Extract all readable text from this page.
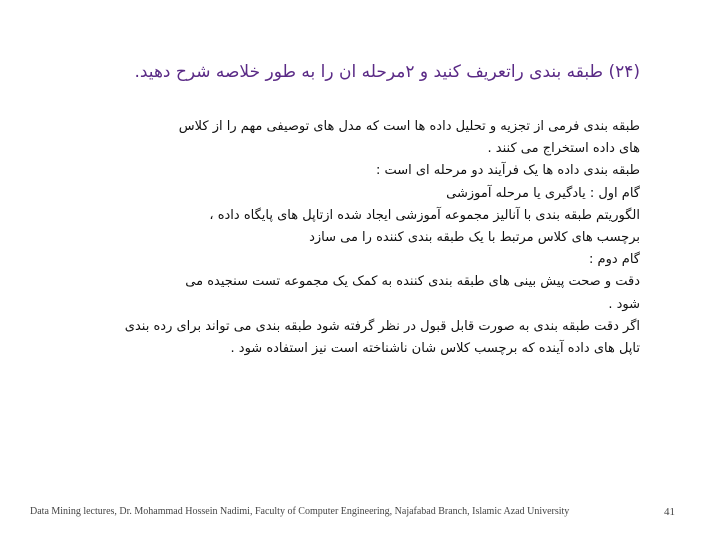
(۲۴) طبقه بندی راتعریف کنید و ۲مرحله ان را به طور خلاصه شرح دهید.
طبقه بندی فرمی از تجزیه و تحلیل داده ها است که مدل های توصیفی مهم را از کلاس
های داده استخراج می کنند .
طبقه بندی داده ها یک فرآیند دو مرحله ای است :
گام اول : یادگیری یا مرحله آموزشی
الگوریتم طبقه بندی با آنالیز مجموعه آموزشی ایجاد شده ازتاپل های پایگاه داده ،
برچسب های کلاس مرتبط با یک طبقه بندی کننده را می سازد
گام دوم :
دقت و صحت پیش بینی های طبقه بندی کننده به کمک یک مجموعه تست سنجیده می
شود .
اگر دقت طبقه بندی به صورت قابل قبول در نظر گرفته شود طبقه بندی می تواند برای رده بندی
تاپل های داده آینده که برچسب کلاس شان ناشناخته است نیز استفاده شود .
Data Mining lectures, Dr. Mohammad Hossein Nadimi, Faculty of Computer Engineering, Najafabad Branch, Islamic Azad University	41
